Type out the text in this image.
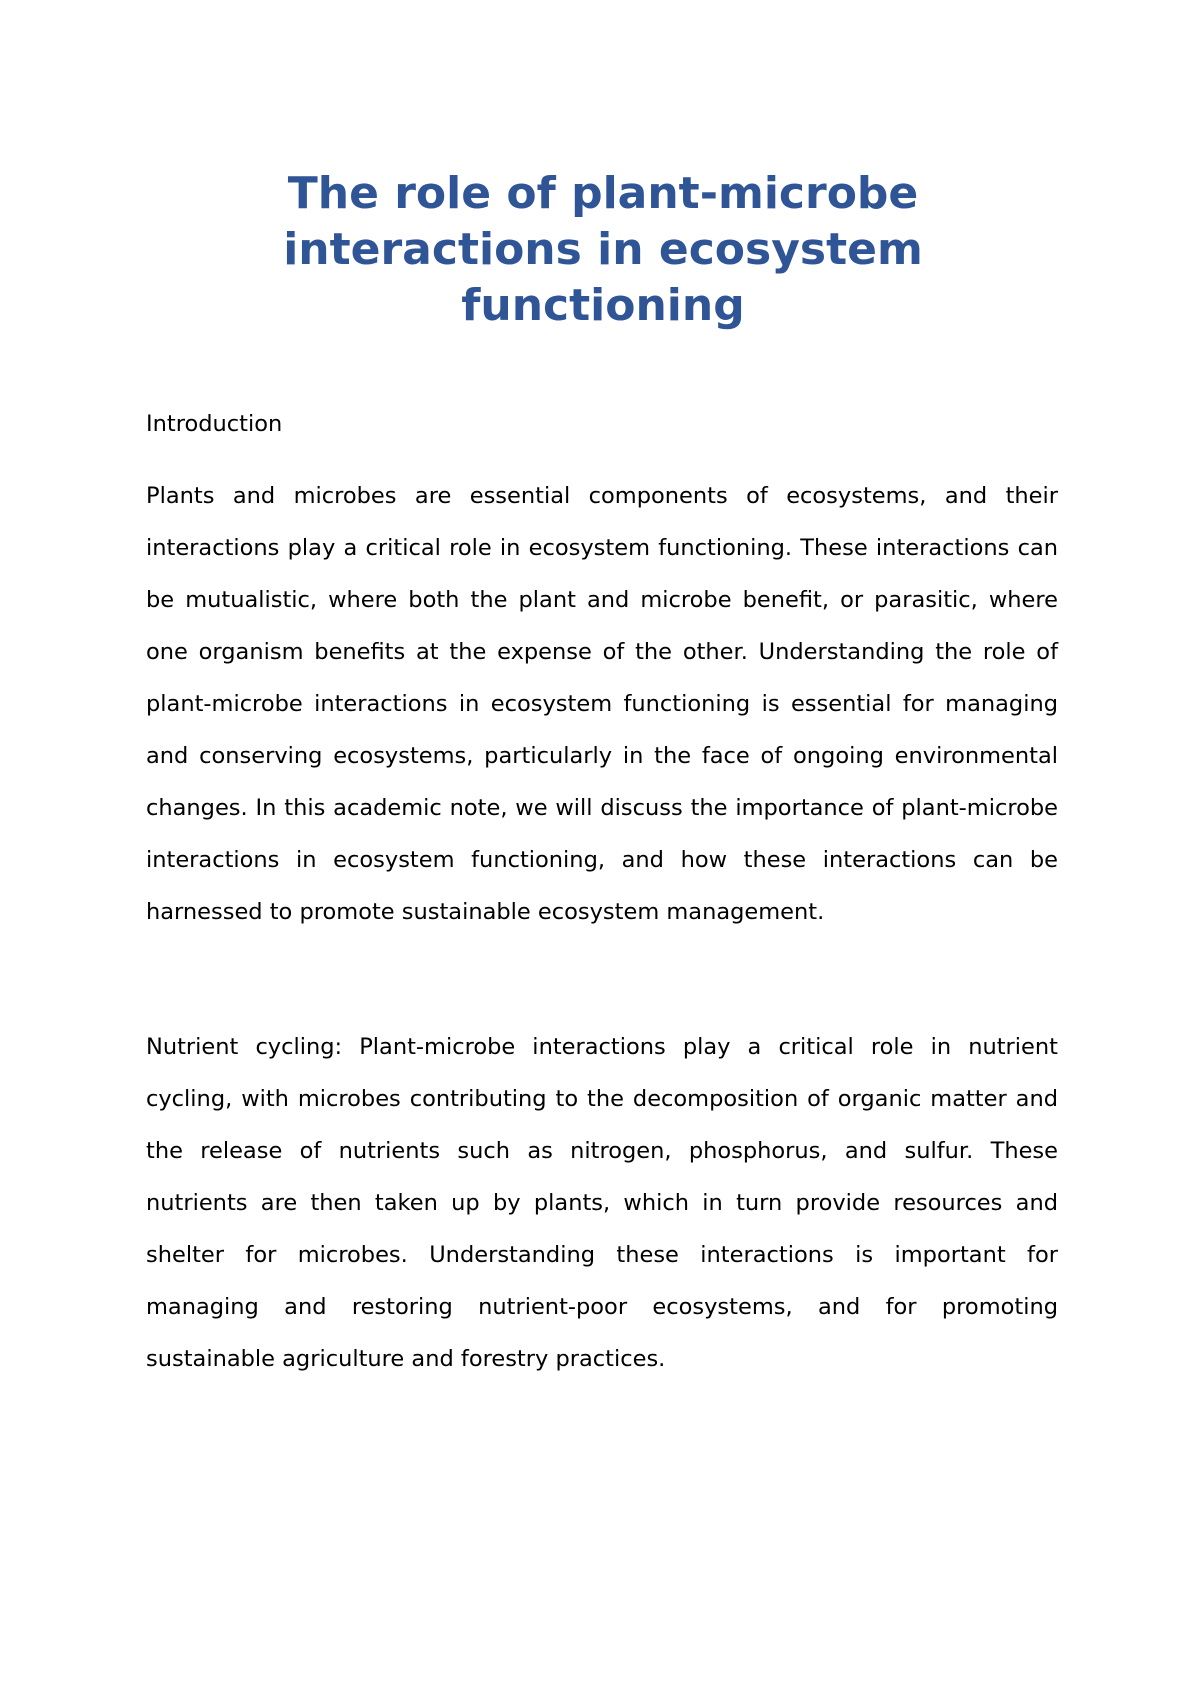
The role of plant-microbe
interactions in ecosystem
functioning

Introduction

Plants and microbes are essential components of ecosystems, and their interactions play a critical role in ecosystem functioning. These interactions can be mutualistic, where both the plant and microbe benefit, or parasitic, where one organism benefits at the expense of the other. Understanding the role of plant-microbe interactions in ecosystem functioning is essential for managing and conserving ecosystems, particularly in the face of ongoing environmental changes. In this academic note, we will discuss the importance of plant-microbe interactions in ecosystem functioning, and how these interactions can be harnessed to promote sustainable ecosystem management.

Nutrient cycling: Plant-microbe interactions play a critical role in nutrient cycling, with microbes contributing to the decomposition of organic matter and the release of nutrients such as nitrogen, phosphorus, and sulfur. These nutrients are then taken up by plants, which in turn provide resources and shelter for microbes. Understanding these interactions is important for managing and restoring nutrient-poor ecosystems, and for promoting sustainable agriculture and forestry practices.
